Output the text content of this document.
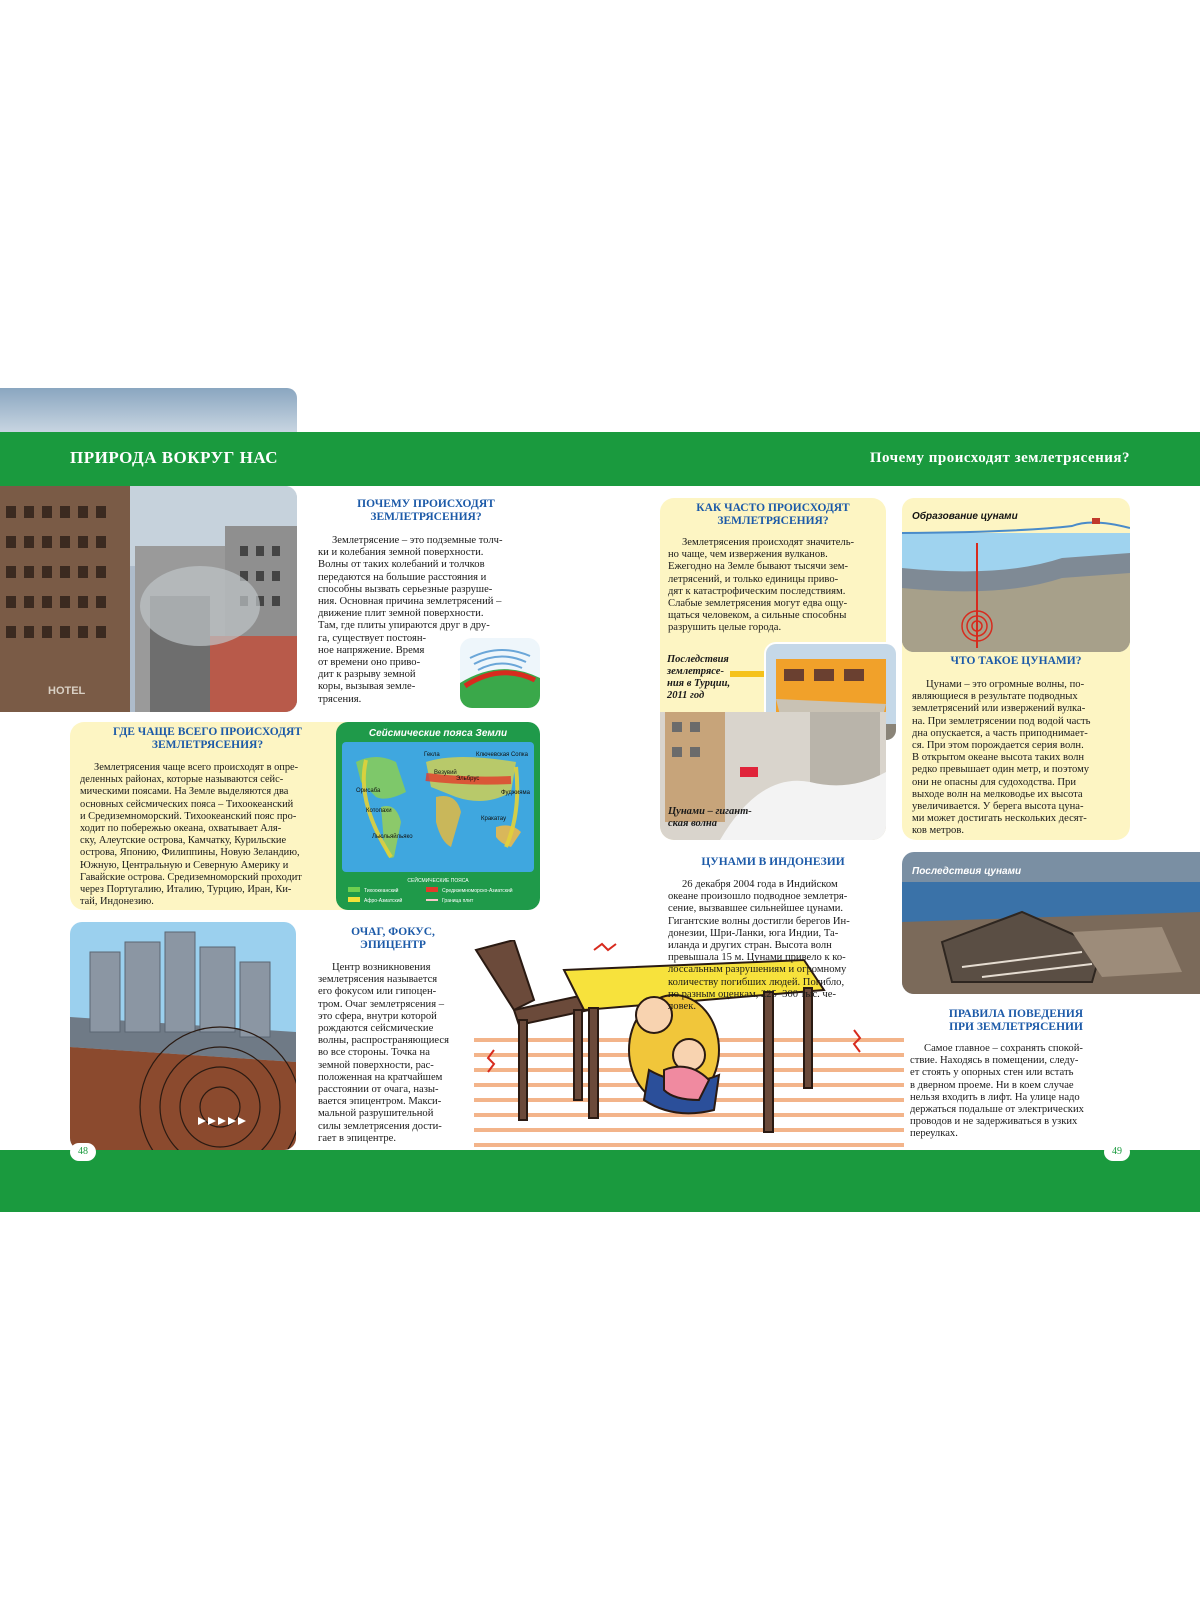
ПРИРОДА ВОКРУГ НАС	Почему происходят землетрясения?
HOTEL
ПОЧЕМУ ПРОИСХОДЯТ
ЗЕМЛЕТРЯСЕНИЯ?
Землетрясение – это подземные толч-
ки и колебания земной поверхности.
Волны от таких колебаний и толчков
передаются на большие расстояния и
способны вызвать серьезные разруше-
ния. Основная причина землетрясений –
движение плит земной поверхности.
Там, где плиты упираются друг в дру-
га, существует постоян-
ное напряжение. Время
от времени оно приво-
дит к разрыву земной
коры, вызывая земле-
трясения.
ГДЕ ЧАЩЕ ВСЕГО ПРОИСХОДЯТ
ЗЕМЛЕТРЯСЕНИЯ?
Землетрясения чаще всего происходят в опре-
деленных районах, которые называются сейс-
мическими поясами. На Земле выделяются два
основных сейсмических пояса – Тихоокеанский
и Средиземноморский. Тихоокеанский пояс про-
ходит по побережью океана, охватывает Аля-
ску, Алеутские острова, Камчатку, Курильские
острова, Японию, Филиппины, Новую Зеландию,
Южную, Центральную и Северную Америку и
Гавайские острова. Средиземноморский проходит
через Португалию, Италию, Турцию, Иран, Ки-
тай, Индонезию.
Сейсмические пояса Земли
Гекла	Ключевская Сопка
Везувий
Эльбрус
Орисаба	Фуджияма
Котопахи
Кракатау
Льюльяйльяко
СЕЙСМИЧЕСКИЕ ПОЯСА
Тихоокеанский	Средиземноморско-Азиатский
Афро-Азиатский	Граница плит
ОЧАГ, ФОКУС,
ЭПИЦЕНТР
Центр возникновения
землетрясения называется
его фокусом или гипоцен-
тром. Очаг землетрясения –
это сфера, внутри которой
рождаются сейсмические
волны, распространяющиеся
во все стороны. Точка на
земной поверхности, рас-
положенная на кратчайшем
расстоянии от очага, назы-
вается эпицентром. Макси-
мальной разрушительной
силы землетрясения дости-
гает в эпицентре.
КАК ЧАСТО ПРОИСХОДЯТ
ЗЕМЛЕТРЯСЕНИЯ?
Землетрясения происходят значитель-
но чаще, чем извержения вулканов.
Ежегодно на Земле бывают тысячи зем-
летрясений, и только единицы приво-
дят к катастрофическим последствиям.
Слабые землетрясения могут едва ощу-
щаться человеком, а сильные способны
разрушить целые города.
Последствия
землетрясе-
ния в Турции,
2011 год
Цунами – гигант-
ская волна
Образование цунами
ЧТО ТАКОЕ ЦУНАМИ?
Цунами – это огромные волны, по-
являющиеся в результате подводных
землетрясений или извержений вулка-
на. При землетрясении под водой часть
дна опускается, а часть приподнимает-
ся. При этом порождается серия волн.
В открытом океане высота таких волн
редко превышает один метр, и поэтому
они не опасны для судоходства. При
выходе волн на мелководье их высота
увеличивается. У берега высота цуна-
ми может достигать нескольких десят-
ков метров.
ЦУНАМИ В ИНДОНЕЗИИ
26 декабря 2004 года в Индийском
океане произошло подводное землетря-
сение, вызвавшее сильнейшее цунами.
Гигантские волны достигли берегов Ин-
донезии, Шри-Ланки, юга Индии, Та-
иланда и других стран. Высота волн
превышала 15 м. Цунами привело к ко-
лоссальным разрушениям и огромному
количеству погибших людей. Погибло,
по разным оценкам, 225–300 тыс. че-
ловек.
Последствия цунами
ПРАВИЛА ПОВЕДЕНИЯ
ПРИ ЗЕМЛЕТРЯСЕНИИ
Самое главное – сохранять спокой-
ствие. Находясь в помещении, следу-
ет стоять у опорных стен или встать
в дверном проеме. Ни в коем случае
нельзя входить в лифт. На улице надо
держаться подальше от электрических
проводов и не задерживаться в узких
переулках.
48	49
